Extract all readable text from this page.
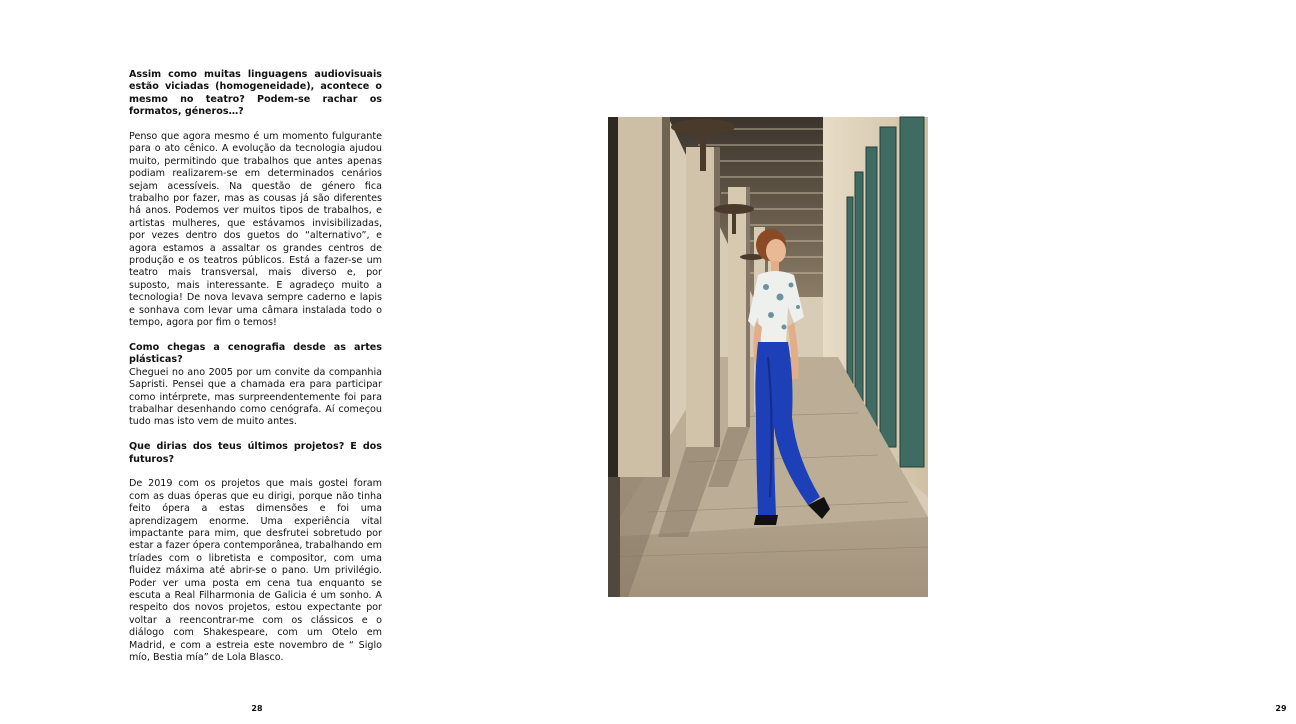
Assim como muitas linguagens audiovisuais estão viciadas (homogeneidade), acontece o mesmo no teatro? Podem-se rachar os formatos, géneros…?

Penso que agora mesmo é um momento fulgurante para o ato cênico. A evolução da tecnologia ajudou muito, permitindo que trabalhos que antes apenas podiam realizarem-se em determinados cenários sejam acessíveis. Na questão de género fica trabalho por fazer, mas as cousas já são diferentes há anos. Podemos ver muitos tipos de trabalhos, e artistas mulheres, que estávamos invisibilizadas, por vezes dentro dos guetos do “alternativo”, e agora estamos a assaltar os grandes centros de produção e os teatros públicos. Está a fazer-se um teatro mais transversal, mais diverso e, por suposto, mais interessante. E agradeço muito a tecnologia! De nova levava sempre caderno e lapis e sonhava com levar uma câmara instalada todo o tempo, agora por fim o temos!

Como chegas a cenografia desde as artes plásticas?

Cheguei no ano 2005 por um convite da companhia Sapristi. Pensei que a chamada era para participar como intérprete, mas surpreendentemente foi para trabalhar desenhando como cenógrafa. Aí começou tudo mas isto vem de muito antes.

Que dirias dos teus últimos projetos? E dos futuros?

De 2019 com os projetos que mais gostei foram com as duas óperas que eu dirigi, porque não tinha feito ópera a estas dimensões e foi uma aprendizagem enorme. Uma experiência vital impactante para mim, que desfrutei sobretudo por estar a fazer ópera contemporânea, trabalhando em tríades com o libretista e compositor, com uma fluidez máxima até abrir-se o pano. Um privilégio. Poder ver uma posta em cena tua enquanto se escuta a Real Filharmonia de Galicia é um sonho. A respeito dos novos projetos, estou expectante por voltar a reencontrar-me com os clássicos e o diálogo com Shakespeare, com um Otelo em Madrid, e com a estreia este novembro de “ Siglo mío, Bestia mía” de Lola Blasco.

28	29
